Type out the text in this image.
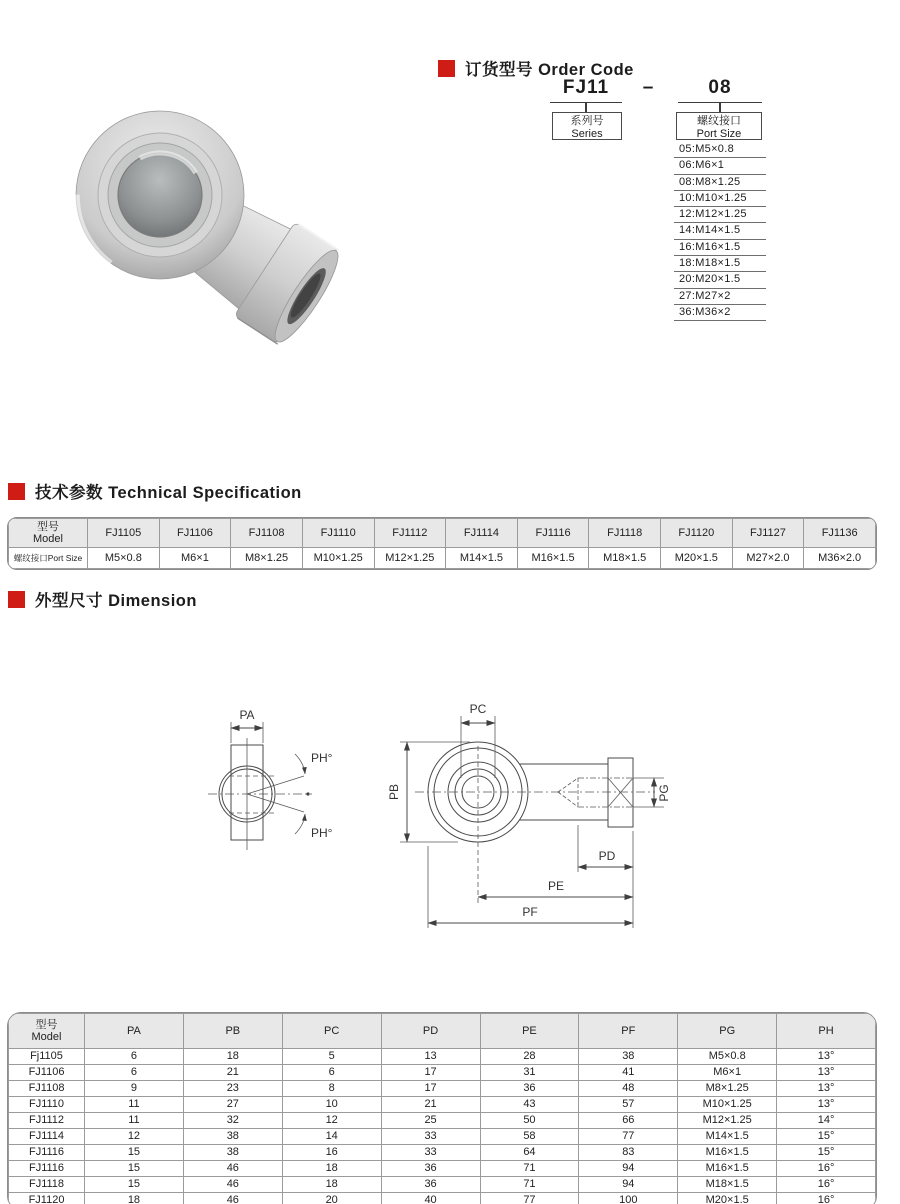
订货型号 Order Code
FJ11	–	08
系列号
Series
螺纹接口
Port Size
05:M5×0.8
06:M6×1
08:M8×1.25
10:M10×1.25
12:M12×1.25
14:M14×1.5
16:M16×1.5
18:M18×1.5
20:M20×1.5
27:M27×2
36:M36×2
技术参数 Technical Specification
型号
Model	FJ1105	FJ1106	FJ1108	FJ1110	FJ1112	FJ1114	FJ1116	FJ1118	FJ1120	FJ1127	FJ1136
螺纹接口Port Size	M5×0.8	M6×1	M8×1.25	M10×1.25	M12×1.25	M14×1.5	M16×1.5	M18×1.5	M20×1.5	M27×2.0	M36×2.0
外型尺寸 Dimension
PA
PH°
PH°
PC
PB	PG
PD
PE
PF
型号
Model	PA	PB	PC	PD	PE	PF	PG	PH
Fj1105	6	18	5	13	28	38	M5×0.8	13°
FJ1106	6	21	6	17	31	41	M6×1	13°
FJ1108	9	23	8	17	36	48	M8×1.25	13°
FJ1110	11	27	10	21	43	57	M10×1.25	13°
FJ1112	11	32	12	25	50	66	M12×1.25	14°
FJ1114	12	38	14	33	58	77	M14×1.5	15°
FJ1116	15	38	16	33	64	83	M16×1.5	15°
FJ1116	15	46	18	36	71	94	M16×1.5	16°
FJ1118	15	46	18	36	71	94	M18×1.5	16°
FJ1120	18	46	20	40	77	100	M20×1.5	16°
